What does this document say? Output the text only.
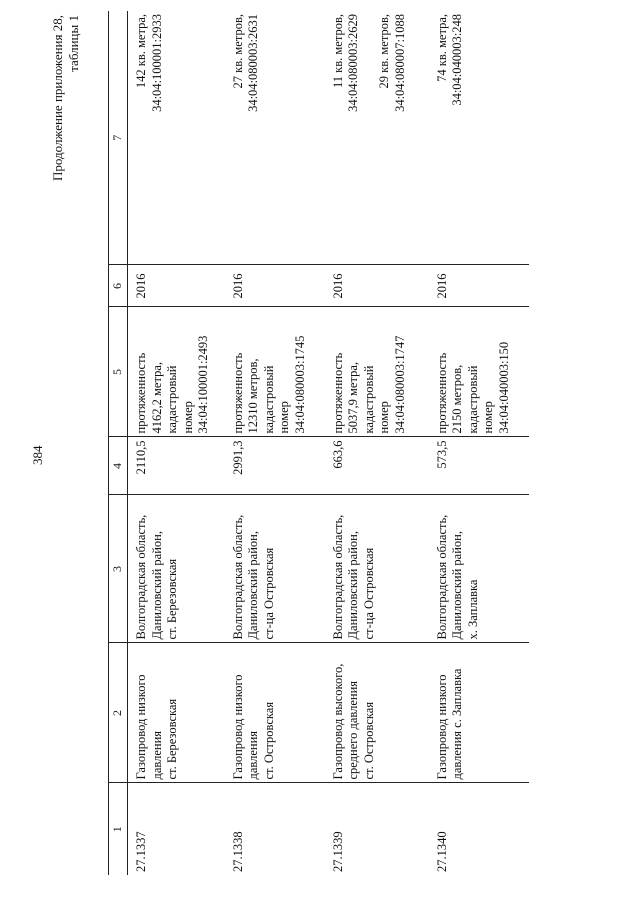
384
Продолжение приложения 28, таблицы 1
1	2	3	4	5	6	7
27.1337	Газопровод низкого
давления
ст. Березовская	Волгоградская область,
Даниловский район,
ст. Березовская	2110,5	протяженность
4162,2 метра,
кадастровый
номер
34:04:100001:2493	2016	142 кв. метра,
34:04:100001:2933
27.1338	Газопровод низкого
давления
ст. Островская	Волгоградская область,
Даниловский район,
ст-ца Островская	2991,3	протяженность
12310 метров,
кадастровый
номер
34:04:080003:1745	2016	27 кв. метров,
34:04:080003:2631
27.1339	Газопровод высокого,
среднего давления
ст. Островская	Волгоградская область,
Даниловский район,
ст-ца Островская	663,6	протяженность
5037,9 метра,
кадастровый
номер
34:04:080003:1747	2016	11 кв. метров,
34:04:080003:2629

29 кв. метров,
34:04:080007:1088
27.1340	Газопровод низкого
давления с. Заплавка	Волгоградская область,
Даниловский район,
х. Заплавка	573,5	протяженность
2150 метров,
кадастровый
номер
34:04:040003:150	2016	74 кв. метра,
34:04:040003:248
